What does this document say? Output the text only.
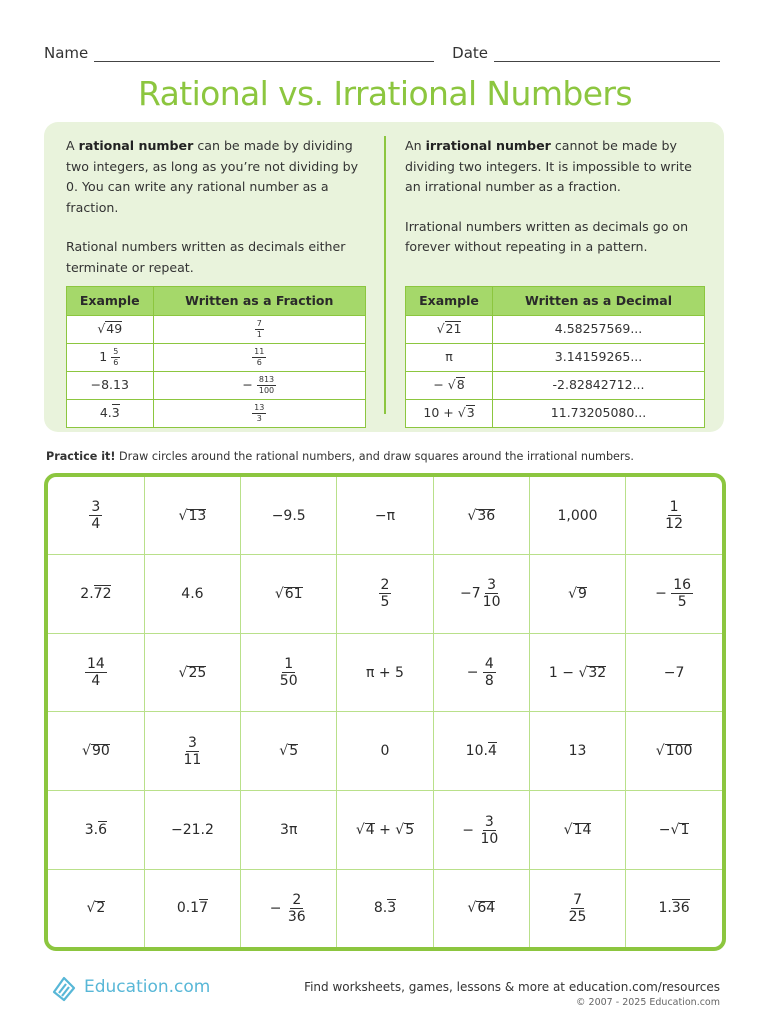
Name	Date
Rational vs. Irrational Numbers

A rational number can be made by dividing two integers, as long as you’re not dividing by 0. You can write any rational number as a fraction.

Rational numbers written as decimals either terminate or repeat.

Example	Written as a Fraction
√49	$\frac{7}{1}$

$1 \frac{5}{6}$	$\frac{11}{6}$

−8.13	− $\frac{813}{100}$

4.3	$\frac{13}{3}$

An irrational number cannot be made by dividing two integers. It is impossible to write an irrational number as a fraction.

Irrational numbers written as decimals go on forever without repeating in a pattern.

Example	Written as a Decimal
√21	4.58257569...
π	3.14159265...
− √8	-2.82842712...
10 + √3	11.73205080...
Practice it! Draw circles around the rational numbers, and draw squares around the irrational numbers.
$\frac{3}{4}$	√13	−9.5	−π	√36	1,000	$\frac{1}{12}$

2.72	4.6	√61	$\frac{2}{5}$	$-7 \frac{3}{10}$	√9	− $\frac{16}{5}$

$\frac{14}{4}$	√25	$\frac{1}{50}$	π + 5	− $\frac{4}{8}$	1 − √32	−7
√90	$\frac{3}{11}$	√5	0	10.4	13	√100
3.6	−21.2	3π	√4 + √5	− $\frac{3}{10}$	√14	−√1
√2	0.17	− $\frac{2}{36}$	8.3	√64	$\frac{7}{25}$	1.36
Education.com	Find worksheets, games, lessons & more at education.com/resources
© 2007 - 2025 Education.com
